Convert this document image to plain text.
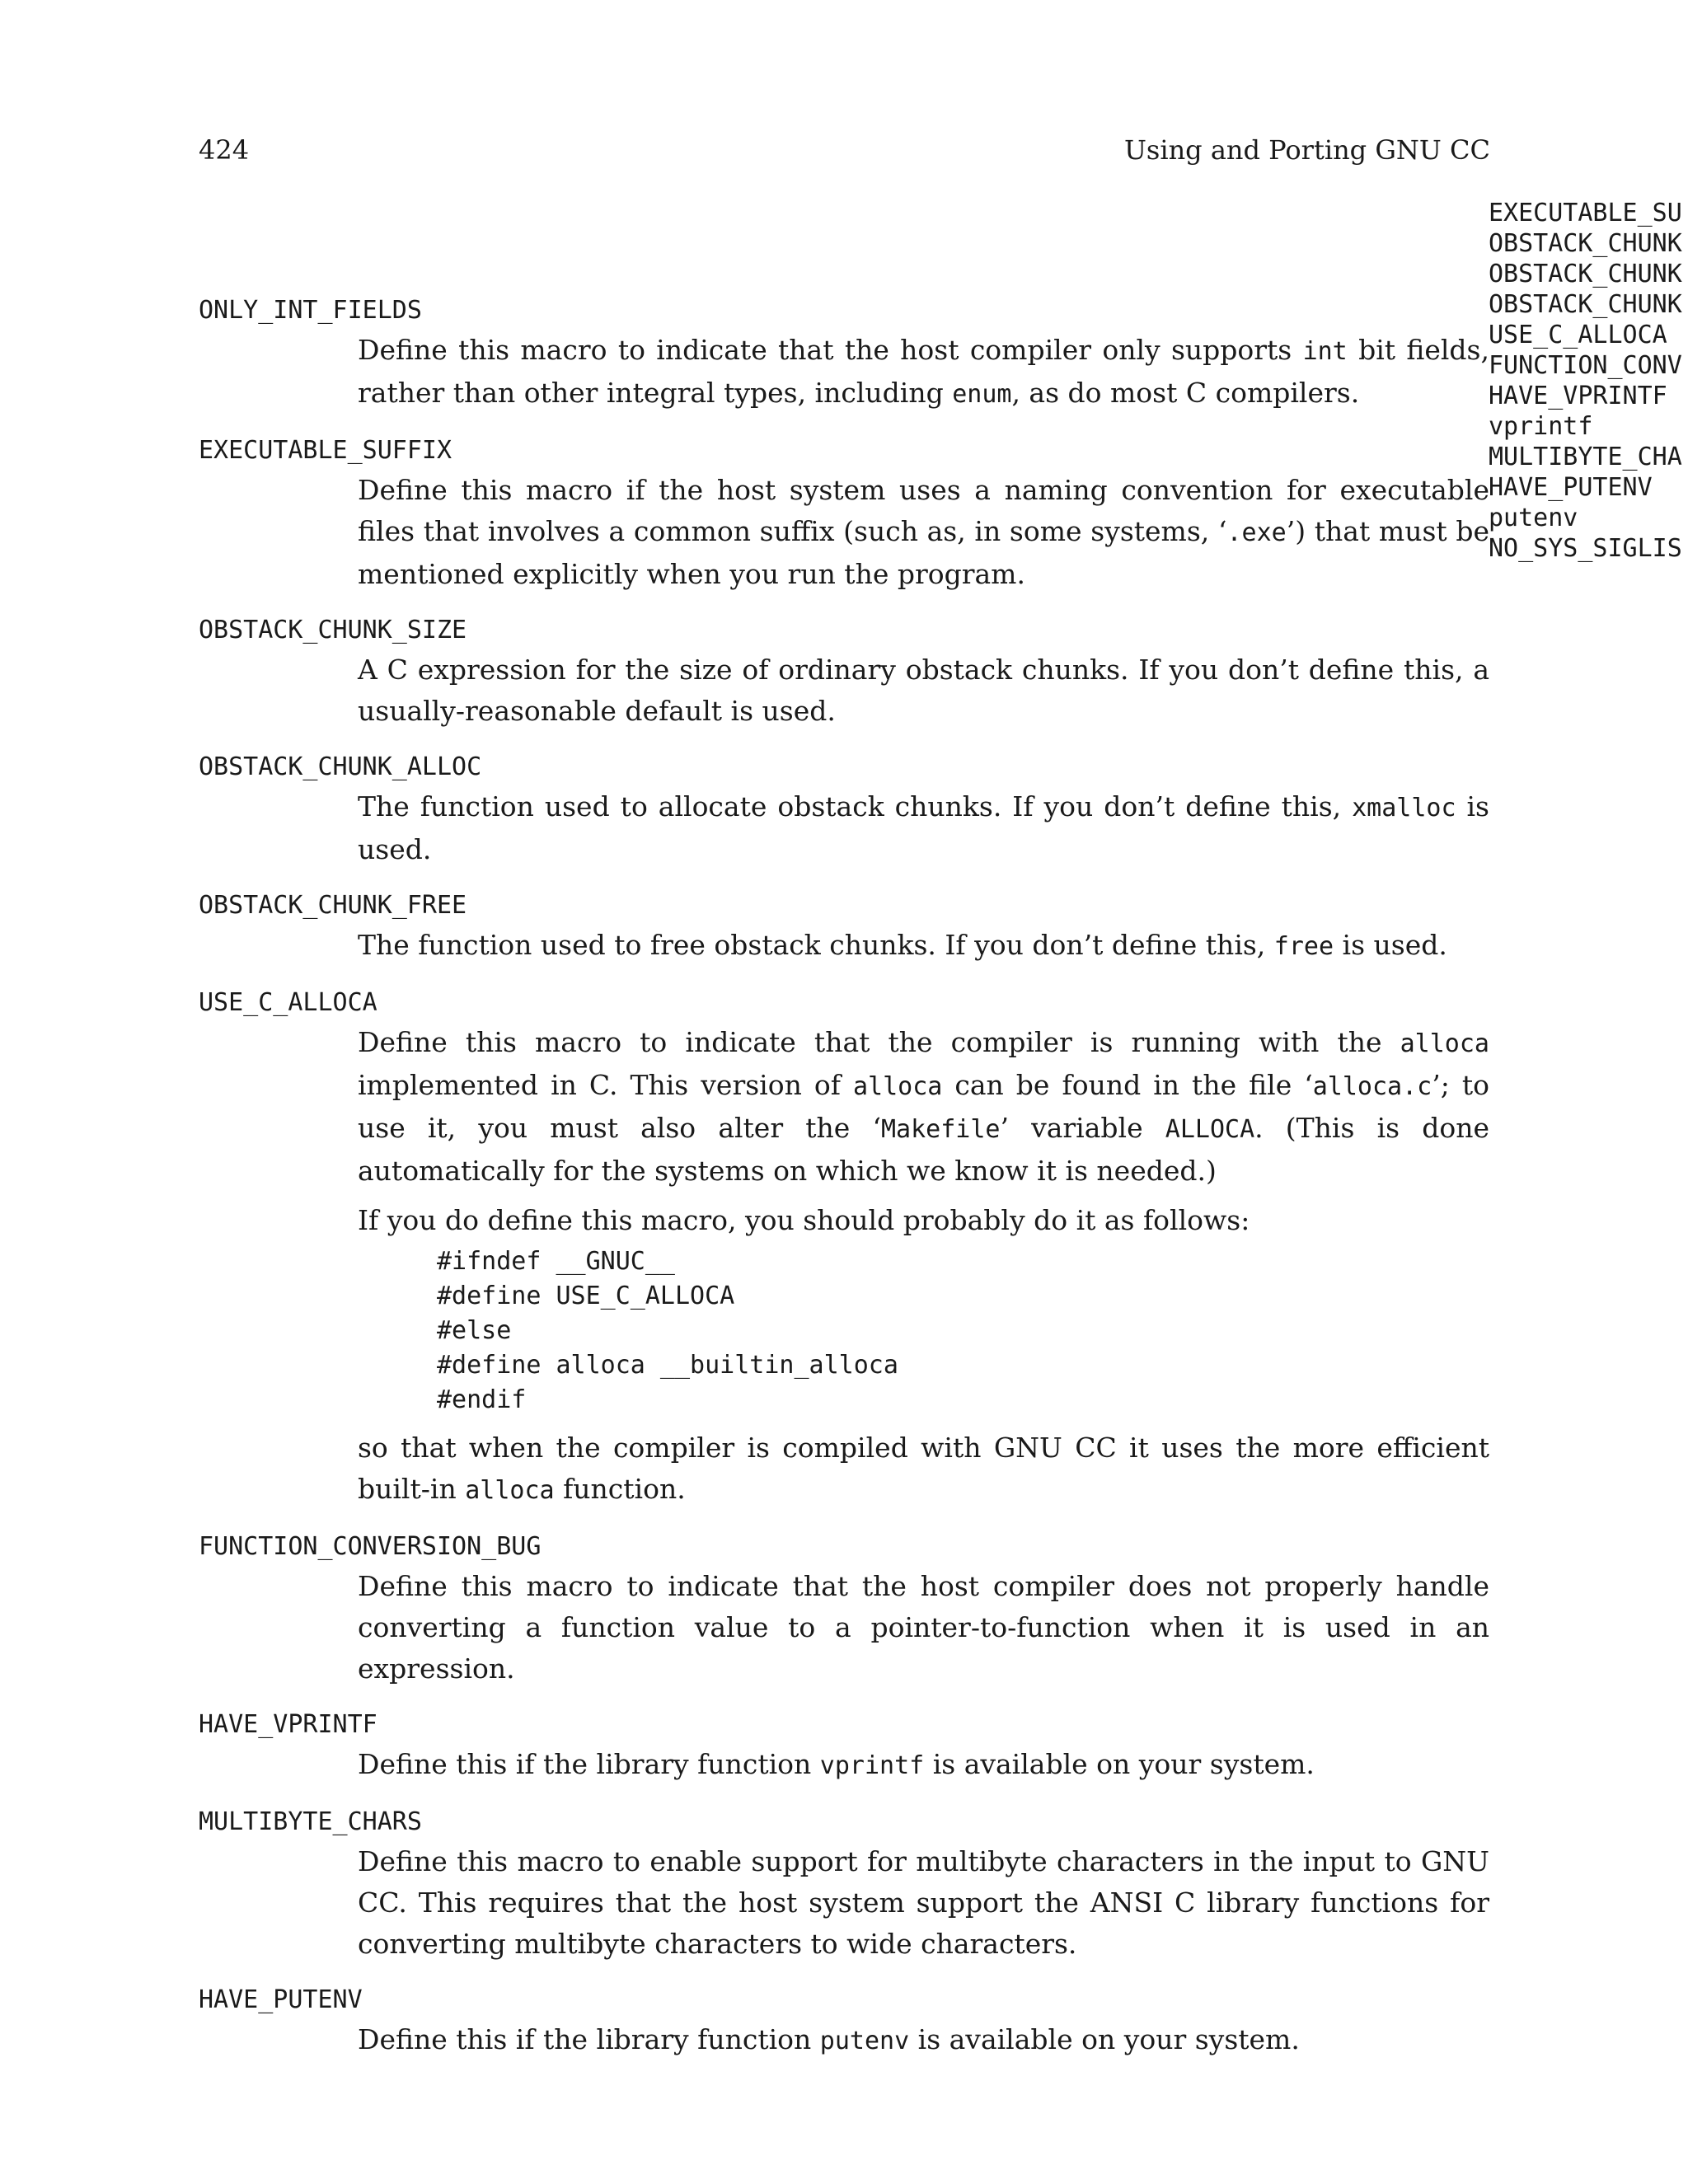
424	Using and Porting GNU CC
EXECUTABLE_SU
OBSTACK_CHUNK
OBSTACK_CHUNK
OBSTACK_CHUNK
USE_C_ALLOCA
FUNCTION_CONV
HAVE_VPRINTF
vprintf
MULTIBYTE_CHA
HAVE_PUTENV
putenv
NO_SYS_SIGLIS
ONLY_INT_FIELDS

Define this macro to indicate that the host compiler only supports int bit fields, rather than other integral types, including enum, as do most C compilers.

EXECUTABLE_SUFFIX

Define this macro if the host system uses a naming convention for executable files that involves a common suffix (such as, in some systems, ‘.exe’) that must be mentioned explicitly when you run the program.

OBSTACK_CHUNK_SIZE

A C expression for the size of ordinary obstack chunks. If you don’t define this, a usually-reasonable default is used.

OBSTACK_CHUNK_ALLOC

The function used to allocate obstack chunks. If you don’t define this, xmalloc is used.

OBSTACK_CHUNK_FREE

The function used to free obstack chunks. If you don’t define this, free is used.

USE_C_ALLOCA

Define this macro to indicate that the compiler is running with the alloca implemented in C. This version of alloca can be found in the file ‘alloca.c’; to use it, you must also alter the ‘Makefile’ variable ALLOCA. (This is done automatically for the systems on which we know it is needed.)

If you do define this macro, you should probably do it as follows:

#ifndef __GNUC__
#define USE_C_ALLOCA
#else
#define alloca __builtin_alloca
#endif

so that when the compiler is compiled with GNU CC it uses the more efficient built-in alloca function.

FUNCTION_CONVERSION_BUG

Define this macro to indicate that the host compiler does not properly handle converting a function value to a pointer-to-function when it is used in an expression.

HAVE_VPRINTF

Define this if the library function vprintf is available on your system.

MULTIBYTE_CHARS

Define this macro to enable support for multibyte characters in the input to GNU CC. This requires that the host system support the ANSI C library functions for converting multibyte characters to wide characters.

HAVE_PUTENV

Define this if the library function putenv is available on your system.
